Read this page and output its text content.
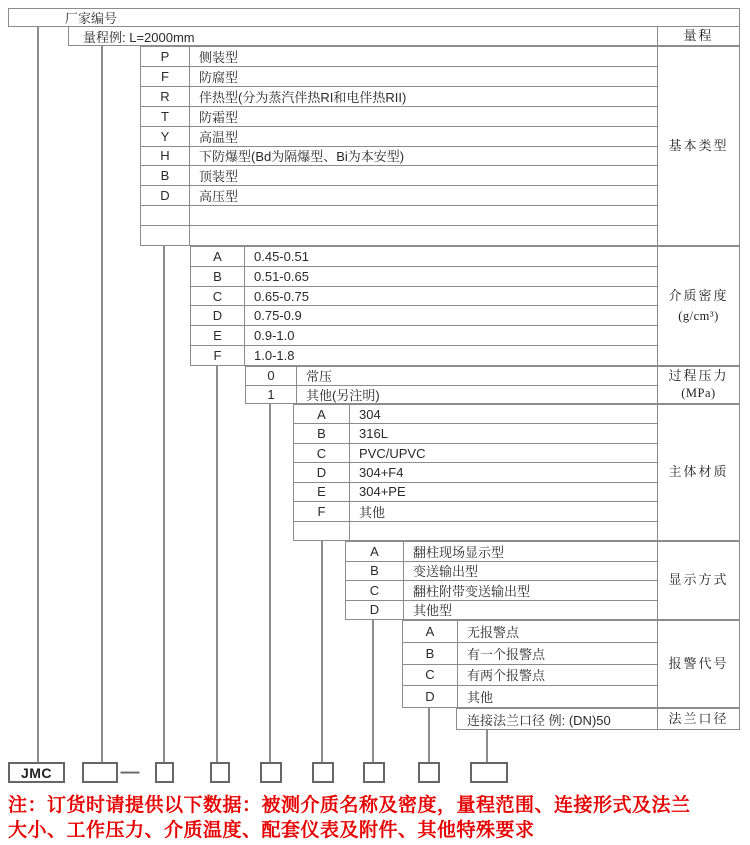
厂家编号
量程例: L=2000mm	量程
P	侧装型
F	防腐型
R	伴热型(分为蒸汽伴热RI和电伴热RII)
T	防霜型
Y	高温型
H	下防爆型(Bd为隔爆型、Bi为本安型)
B	顶装型
D	高压型
基本类型
A	0.45-0.51
B	0.51-0.65
C	0.65-0.75
D	0.75-0.9
E	0.9-1.0
F	1.0-1.8
介质密度
(g/cm³)
0	常压
1	其他(另注明)
过程压力
(MPa)
A	304
B	316L
C	PVC/UPVC
D	304+F4
E	304+PE
F	其他
主体材质
A	翻柱现场显示型
B	变送输出型
C	翻柱附带变送输出型
D	其他型
显示方式
A	无报警点
B	有一个报警点
C	有两个报警点
D	其他
报警代号
连接法兰口径 例: (DN)50	法兰口径
JMC	—
注：订货时请提供以下数据：被测介质名称及密度，量程范围、连接形式及法兰
大小、工作压力、介质温度、配套仪表及附件、其他特殊要求
